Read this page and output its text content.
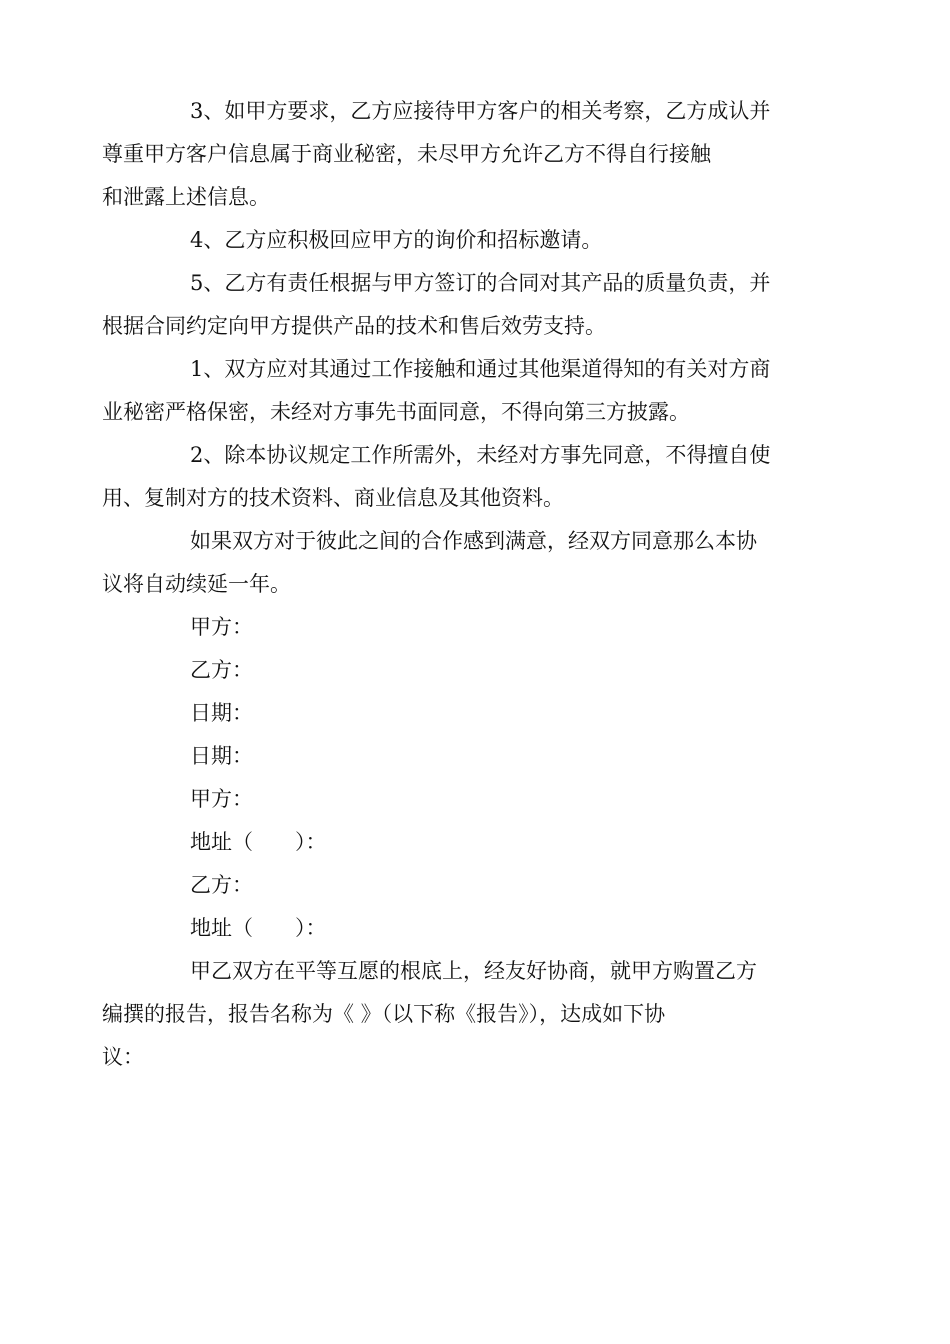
3、如甲方要求，乙方应接待甲方客户的相关考察，乙方成认并
尊重甲方客户信息属于商业秘密，未尽甲方允许乙方不得自行接触
和泄露上述信息。

4、乙方应积极回应甲方的询价和招标邀请。

5、乙方有责任根据与甲方签订的合同对其产品的质量负责，并
根据合同约定向甲方提供产品的技术和售后效劳支持。

1、双方应对其通过工作接触和通过其他渠道得知的有关对方商
业秘密严格保密，未经对方事先书面同意，不得向第三方披露。

2、除本协议规定工作所需外，未经对方事先同意，不得擅自使
用、复制对方的技术资料、商业信息及其他资料。

如果双方对于彼此之间的合作感到满意，经双方同意那么本协
议将自动续延一年。

甲方：

乙方：

日期：

日期：

甲方：

地址（　　）：

乙方：

地址（　　）：

甲乙双方在平等互愿的根底上，经友好协商，就甲方购置乙方
编撰的报告，报告名称为《 》（以下称《报告》），达成如下协
议：
